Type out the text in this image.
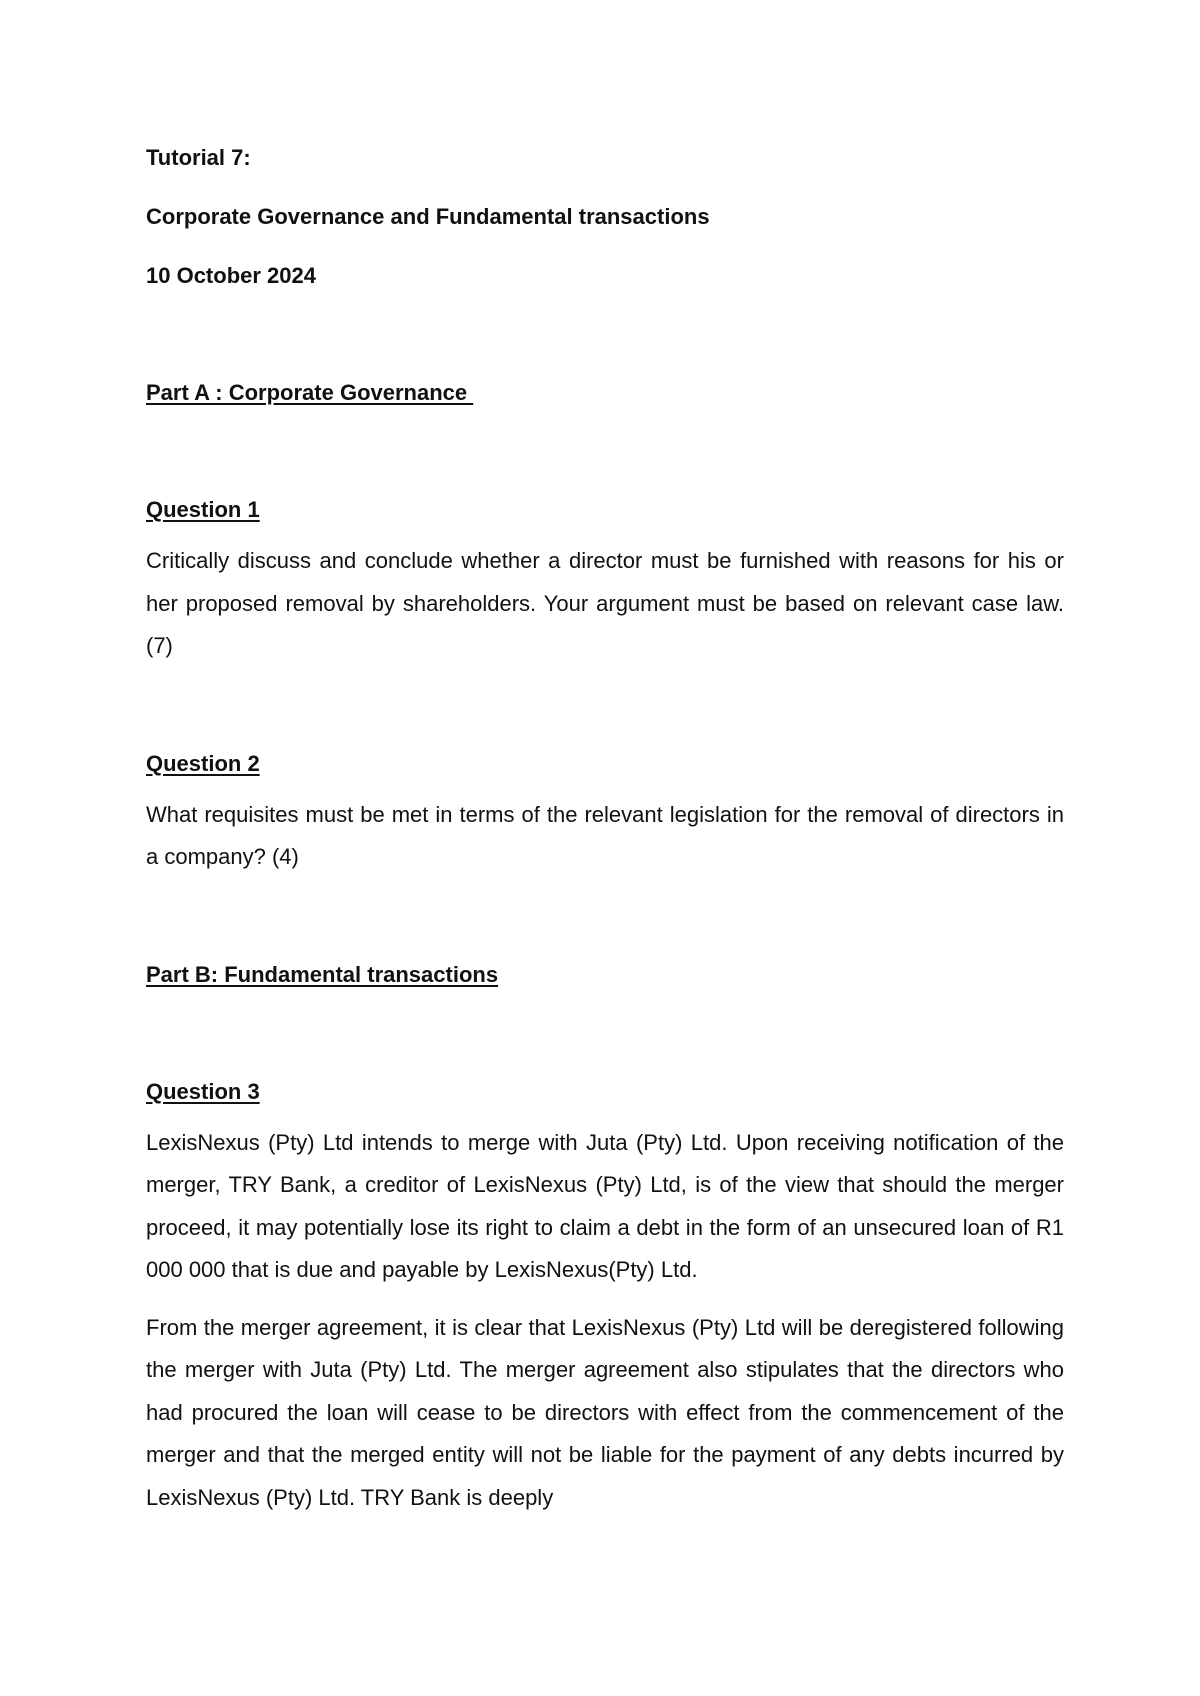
Tutorial 7:

Corporate Governance and Fundamental transactions

10 October 2024

Part A : Corporate Governance

Question 1

Critically discuss and conclude whether a director must be furnished with reasons for his or her proposed removal by shareholders. Your argument must be based on relevant case law. (7)

Question 2

What requisites must be met in terms of the relevant legislation for the removal of directors in a company? (4)

Part B: Fundamental transactions

Question 3

LexisNexus (Pty) Ltd intends to merge with Juta (Pty) Ltd. Upon receiving notification of the merger, TRY Bank, a creditor of LexisNexus (Pty) Ltd, is of the view that should the merger proceed, it may potentially lose its right to claim a debt in the form of an unsecured loan of R1 000 000 that is due and payable by LexisNexus(Pty) Ltd.

From the merger agreement, it is clear that LexisNexus (Pty) Ltd will be deregistered following the merger with Juta (Pty) Ltd. The merger agreement also stipulates that the directors who had procured the loan will cease to be directors with effect from the commencement of the merger and that the merged entity will not be liable for the payment of any debts incurred by LexisNexus (Pty) Ltd. TRY Bank is deeply
